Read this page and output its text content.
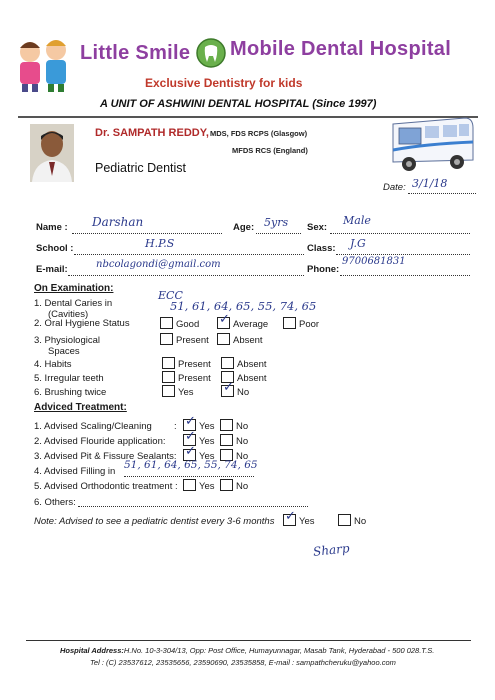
Little Smile Mobile Dental Hospital
Exclusive Dentistry for kids
A UNIT OF ASHWINI DENTAL HOSPITAL (Since 1997)
Dr. SAMPATH REDDY, MDS, FDS RCPS (Glasgow)
MFDS RCS (England)
Pediatric Dentist
Date: 3/1/18
Name : Darshan	Age: 5yrs Sex:
Male
School :	H.P.S	Class: J.G
E-mail:	nbcolagondi@gmail.com	Phone:
9700681831
On Examination:
1. Dental Caries in
(Cavities)
ECC
51, 61, 64, 65, 55, 74, 65
2. Oral Hygiene Status	Good ✓ Average	Poor
3. Physiological
Spaces
Present	Absent
4. Habits	Present	Absent
5. Irregular teeth	Present	Absent
6. Brushing twice	Yes ✓ No
Adviced Treatment:
1. Advised Scaling/Cleaning : ✓ Yes	No
2. Advised Flouride application: ✓ Yes	No
3. Advised Pit & Fissure Sealants: ✓ Yes	No
4. Advised Filling in
51, 61, 64, 65, 55, 74, 65
5. Advised Orthodontic treatment :	Yes	No
6. Others:
Note: Advised to see a pediatric dentist every 3-6 months ✓ Yes	No
Sharp
Hospital Address:H.No. 10-3-304/13, Opp: Post Office, Humayunnagar, Masab Tank, Hyderabad - 500 028.T.S.
Tel : (C) 23537612, 23535656, 23590690, 23535858, E-mail : sampathcheruku@yahoo.com
